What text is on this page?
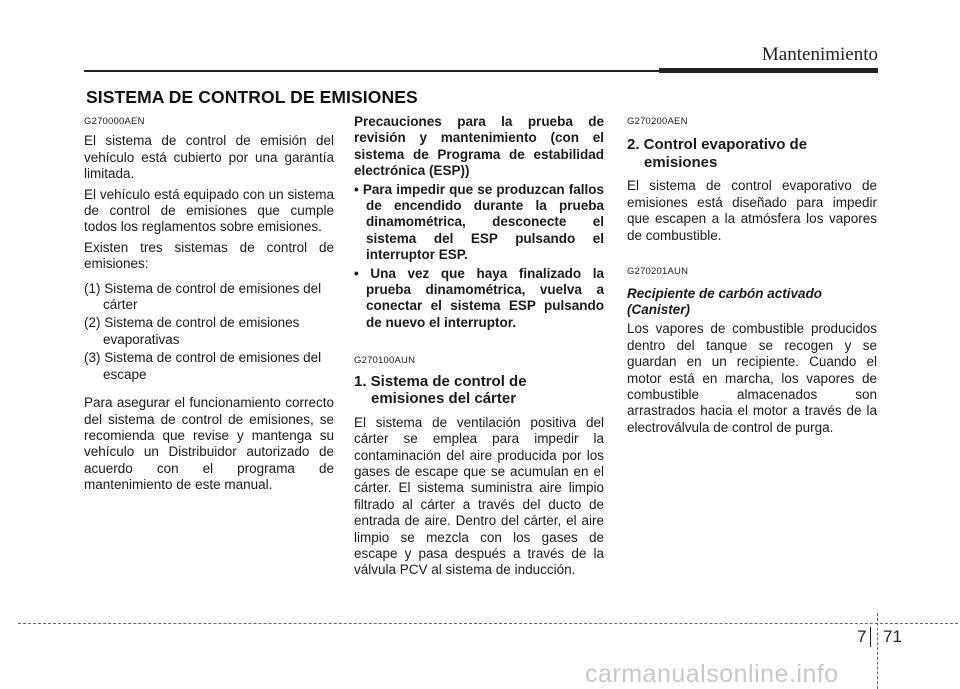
Mantenimiento
SISTEMA DE CONTROL DE EMISIONES
G270000AEN

El sistema de control de emisión del vehículo está cubierto por una garantía limitada.

El vehículo está equipado con un sistema de control de emisiones que cumple todos los reglamentos sobre emisiones.

Existen tres sistemas de control de emisiones:

(1) Sistema de control de emisiones del cárter
(2) Sistema de control de emisiones evaporativas
(3) Sistema de control de emisiones del escape

Para asegurar el funcionamiento correcto del sistema de control de emisiones, se recomienda que revise y mantenga su vehículo un Distribuidor autorizado de acuerdo con el programa de mantenimiento de este manual.

Precauciones para la prueba de revisión y mantenimiento (con el sistema de Programa de estabilidad electrónica (ESP))

• Para impedir que se produzcan fallos de encendido durante la prueba dinamométrica, desconecte el sistema del ESP pulsando el interruptor ESP.
• Una vez que haya finalizado la prueba dinamométrica, vuelva a conectar el sistema ESP pulsando de nuevo el interruptor.
G270100AUN
1. Sistema de control de emisiones del cárter

El sistema de ventilación positiva del cárter se emplea para impedir la contaminación del aire producida por los gases de escape que se acumulan en el cárter. El sistema suministra aire limpio filtrado al cárter a través del ducto de entrada de aire. Dentro del cárter, el aire limpio se mezcla con los gases de escape y pasa después a través de la válvula PCV al sistema de inducción.

G270200AEN
2. Control evaporativo de emisiones

El sistema de control evaporativo de emisiones está diseñado para impedir que escapen a la atmósfera los vapores de combustible.

G270201AUN
Recipiente de carbón activado (Canister)

Los vapores de combustible producidos dentro del tanque se recogen y se guardan en un recipiente. Cuando el motor está en marcha, los vapores de combustible almacenados son arrastrados hacia el motor a través de la electroválvula de control de purga.

7 71
carmanualsonline.info
